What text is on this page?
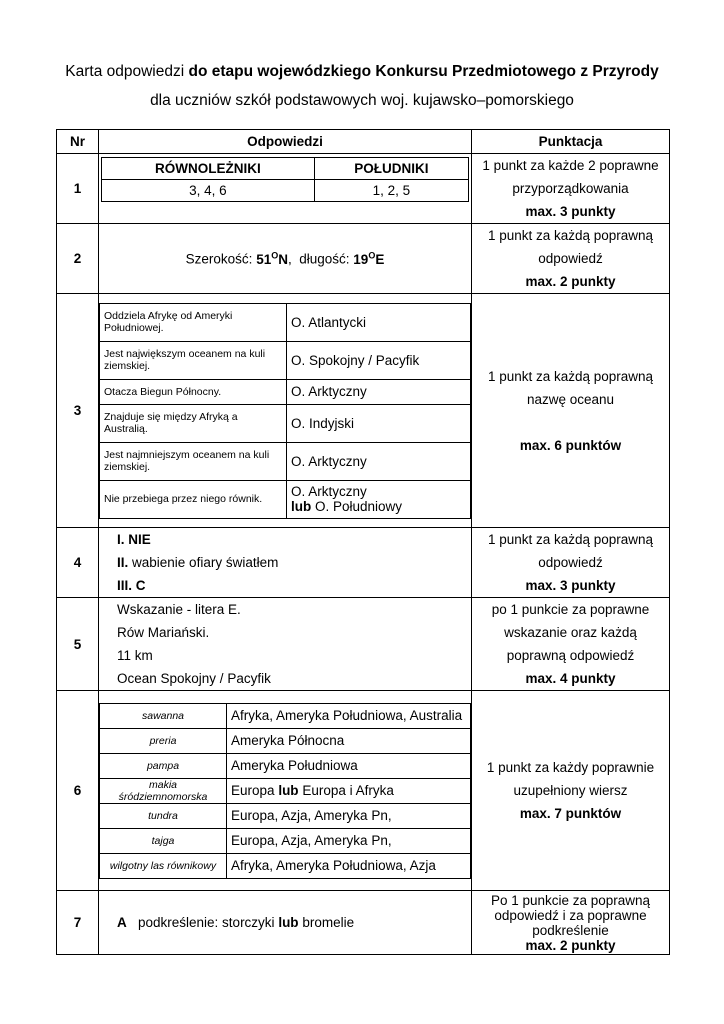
Karta odpowiedzi do etapu wojewódzkiego Konkursu Przedmiotowego z Przyrody
dla uczniów szkół podstawowych woj. kujawsko–pomorskiego
Nr	Odpowiedzi	Punktacja
1	
RÓWNOLEŻNIKI	POŁUDNIKI
3, 4, 6	1, 2, 5

1 punkt za każde 2 poprawne
przyporządkowania
max. 3 punkty

2	Szerokość: $51^ON$,  długość: $19^OE$	
1 punkt za każdą poprawną
odpowiedź
max. 2 punkty

3	
Oddziela Afrykę od Ameryki Południowej.	O. Atlantycki
Jest największym oceanem na kuli ziemskiej.	O. Spokojny / Pacyfik
Otacza Biegun Północny.	O. Arktyczny
Znajduje się między Afryką a Australią.	O. Indyjski
Jest najmniejszym oceanem na kuli ziemskiej.	O. Arktyczny
Nie przebiega przez niego równik.	O. Arktyczny
lub O. Południowy

1 punkt za każdą poprawną
nazwę oceanu
max. 6 punktów

4	
I. NIE
II. wabienie ofiary światłem
III. C

1 punkt za każdą poprawną
odpowiedź
max. 3 punkty

5	
Wskazanie - litera E.
Rów Mariański.
11 km
Ocean Spokojny / Pacyfik

po 1 punkcie za poprawne
wskazanie oraz każdą
poprawną odpowiedź
max. 4 punkty

6	
sawanna	Afryka, Ameryka Południowa, Australia
preria	Ameryka Północna
pampa	Ameryka Południowa
makia śródziemnomorska	Europa lub Europa i Afryka
tundra	Europa, Azja, Ameryka Pn,
tajga	Europa, Azja, Ameryka Pn,
wilgotny las równikowy	Afryka, Ameryka Południowa, Azja

1 punkt za każdy poprawnie
uzupełniony wiersz
max. 7 punktów

7	A   podkreślenie: storczyki lub bromelie	
Po 1 punkcie za poprawną
odpowiedź i za poprawne
podkreślenie
max. 2 punkty
